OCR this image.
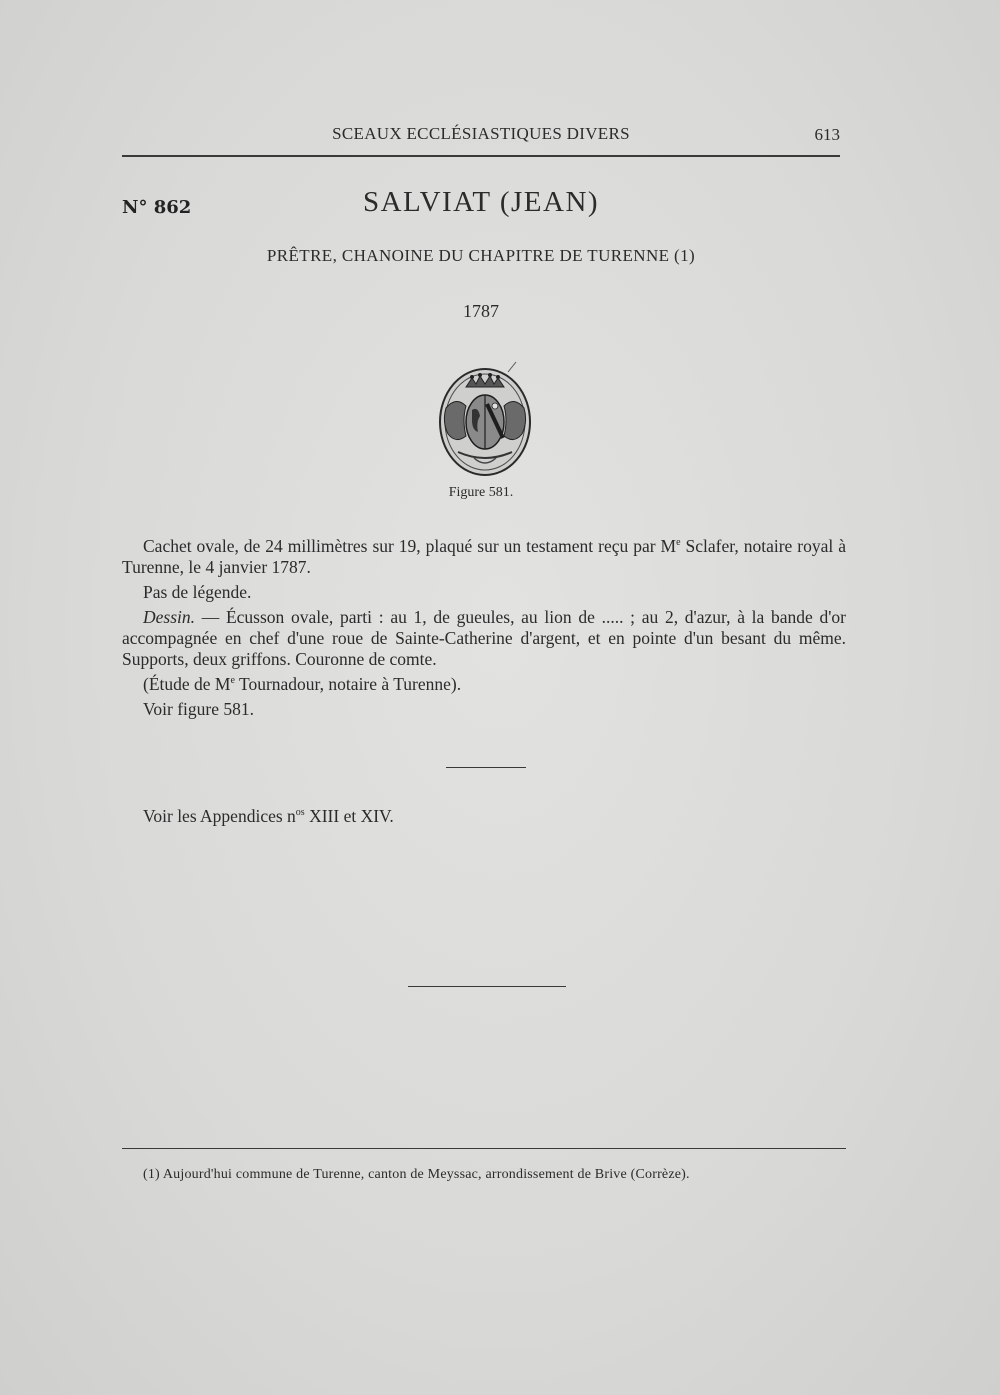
SCEAUX ECCLÉSIASTIQUES DIVERS	613
N° 862	SALVIAT (JEAN)
PRÊTRE, CHANOINE DU CHAPITRE DE TURENNE (1)
1787
Figure 581.

Cachet ovale, de 24 millimètres sur 19, plaqué sur un testament reçu par Me Sclafer, notaire royal à Turenne, le 4 janvier 1787.

Pas de légende.

Dessin. — Écusson ovale, parti : au 1, de gueules, au lion de ..... ; au 2, d'azur, à la bande d'or accompagnée en chef d'une roue de Sainte-Catherine d'argent, et en pointe d'un besant du même. Supports, deux griffons. Couronne de comte.

(Étude de Me Tournadour, notaire à Turenne).

Voir figure 581.

Voir les Appendices $n^{os}$ XIII et XIV.

(1) Aujourd'hui commune de Turenne, canton de Meyssac, arrondissement de Brive (Corrèze).
